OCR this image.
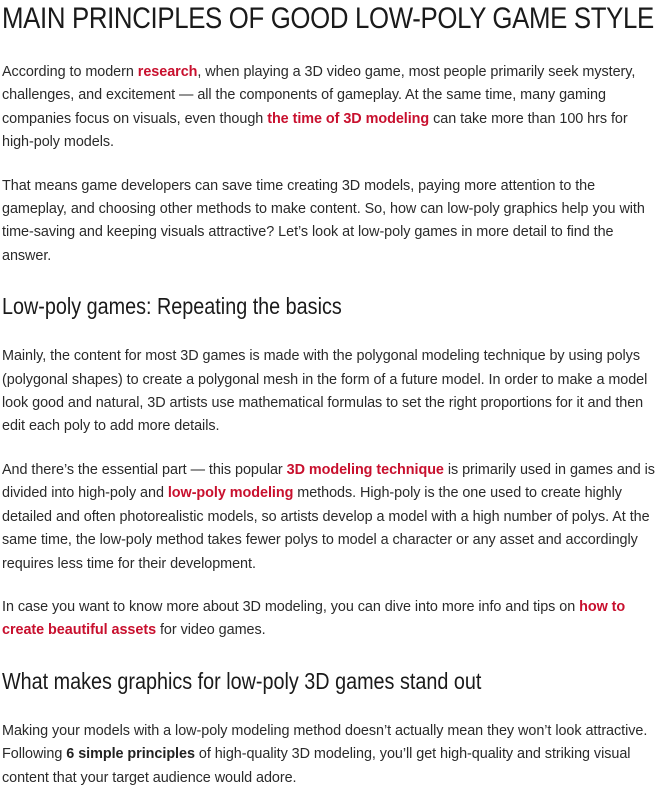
MAIN PRINCIPLES OF GOOD LOW-POLY GAME STYLE

According to modern research, when playing a 3D video game, most people primarily seek mystery, challenges, and excitement — all the components of gameplay. At the same time, many gaming companies focus on visuals, even though the time of 3D modeling can take more than 100 hrs for high-poly models.

That means game developers can save time creating 3D models, paying more attention to the gameplay, and choosing other methods to make content. So, how can low-poly graphics help you with time-saving and keeping visuals attractive? Let’s look at low-poly games in more detail to find the answer.

Low-poly games: Repeating the basics

Mainly, the content for most 3D games is made with the polygonal modeling technique by using polys (polygonal shapes) to create a polygonal mesh in the form of a future model. In order to make a model look good and natural, 3D artists use mathematical formulas to set the right proportions for it and then edit each poly to add more details.

And there’s the essential part — this popular 3D modeling technique is primarily used in games and is divided into high-poly and low-poly modeling methods. High-poly is the one used to create highly detailed and often photorealistic models, so artists develop a model with a high number of polys. At the same time, the low-poly method takes fewer polys to model a character or any asset and accordingly requires less time for their development.

In case you want to know more about 3D modeling, you can dive into more info and tips on how to create beautiful assets for video games.

What makes graphics for low-poly 3D games stand out

Making your models with a low-poly modeling method doesn’t actually mean they won’t look attractive. Following 6 simple principles of high-quality 3D modeling, you’ll get high-quality and striking visual content that your target audience would adore.
